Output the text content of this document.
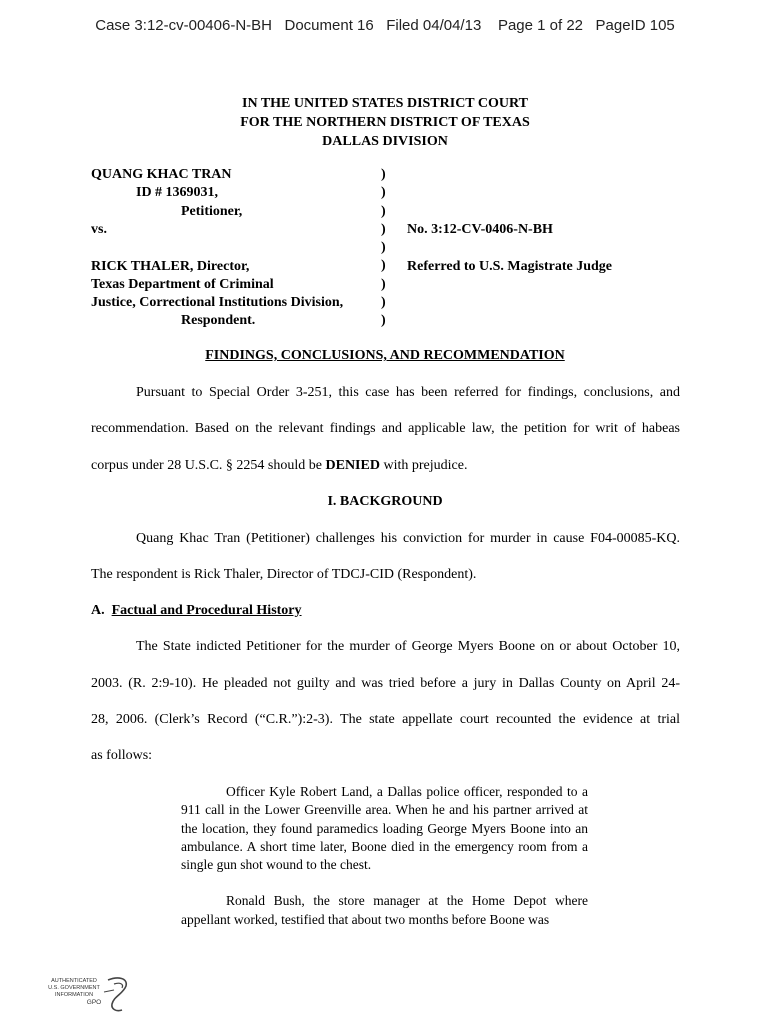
Case 3:12-cv-00406-N-BH   Document 16   Filed 04/04/13    Page 1 of 22   PageID 105
IN THE UNITED STATES DISTRICT COURT
FOR THE NORTHERN DISTRICT OF TEXAS
DALLAS DIVISION
QUANG KHAC TRAN
ID # 1369031,
Petitioner,
vs.
RICK THALER, Director,
Texas Department of Criminal
Justice, Correctional Institutions Division,
Respondent.
)
)
)
)
)
)
)
)
)
No. 3:12-CV-0406-N-BH
Referred to U.S. Magistrate Judge
FINDINGS, CONCLUSIONS, AND RECOMMENDATION
Pursuant to Special Order 3-251, this case has been referred for findings, conclusions, and
recommendation. Based on the relevant findings and applicable law, the petition for writ of habeas
corpus under 28 U.S.C. § 2254 should be DENIED with prejudice.
I. BACKGROUND
Quang Khac Tran (Petitioner) challenges his conviction for murder in cause F04-00085-KQ.
The respondent is Rick Thaler, Director of TDCJ-CID (Respondent).
A. Factual and Procedural History
The State indicted Petitioner for the murder of George Myers Boone on or about October 10,
2003. (R. 2:9-10). He pleaded not guilty and was tried before a jury in Dallas County on April 24-
28, 2006. (Clerk’s Record (“C.R.”):2-3). The state appellate court recounted the evidence at trial
as follows:

Officer Kyle Robert Land, a Dallas police officer, responded to a 911 call in the Lower Greenville area. When he and his partner arrived at the location, they found paramedics loading George Myers Boone into an ambulance. A short time later, Boone died in the emergency room from a single gun shot wound to the chest.

Ronald Bush, the store manager at the Home Depot where appellant worked, testified that about two months before Boone was

AUTHENTICATED
U.S. GOVERNMENT
INFORMATION
GPO
